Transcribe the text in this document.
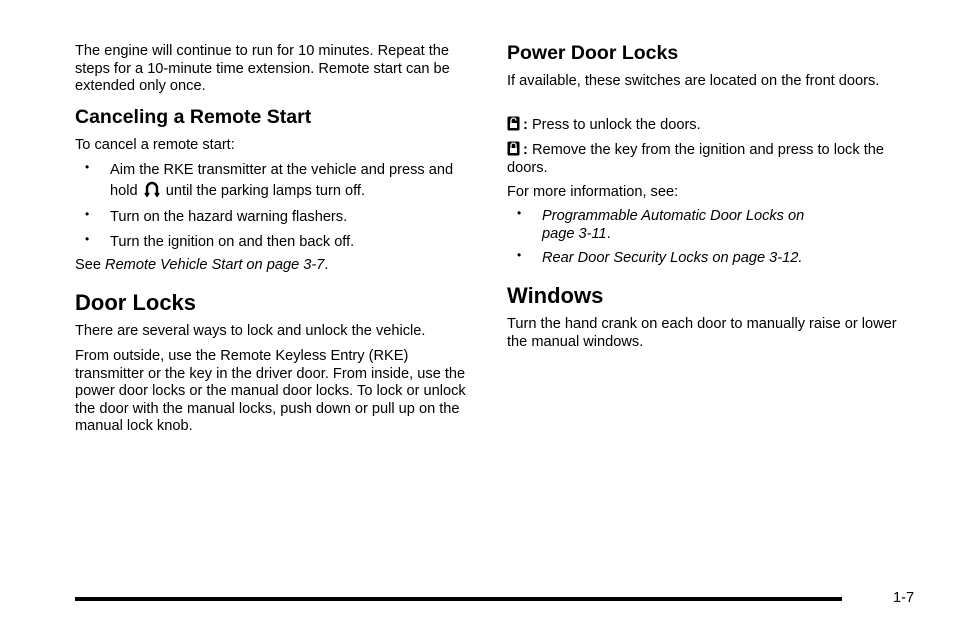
The engine will continue to run for 10 minutes. Repeat the steps for a 10-minute time extension. Remote start can be extended only once.

Canceling a Remote Start

To cancel a remote start:

• Aim the RKE transmitter at the vehicle and press and hold until the parking lamps turn off.
• Turn on the hazard warning flashers.
• Turn the ignition on and then back off.

See Remote Vehicle Start on page 3-7.

Door Locks

There are several ways to lock and unlock the vehicle.

From outside, use the Remote Keyless Entry (RKE) transmitter or the key in the driver door. From inside, use the power door locks or the manual door locks. To lock or unlock the door with the manual locks, push down or pull up on the manual lock knob.

Power Door Locks

If available, these switches are located on the front doors.

: Press to unlock the doors.

: Remove the key from the ignition and press to lock the doors.

For more information, see:

• Programmable Automatic Door Locks on
page 3-11.
• Rear Door Security Locks on page 3-12.
Windows

Turn the hand crank on each door to manually raise or lower the manual windows.

1-7
